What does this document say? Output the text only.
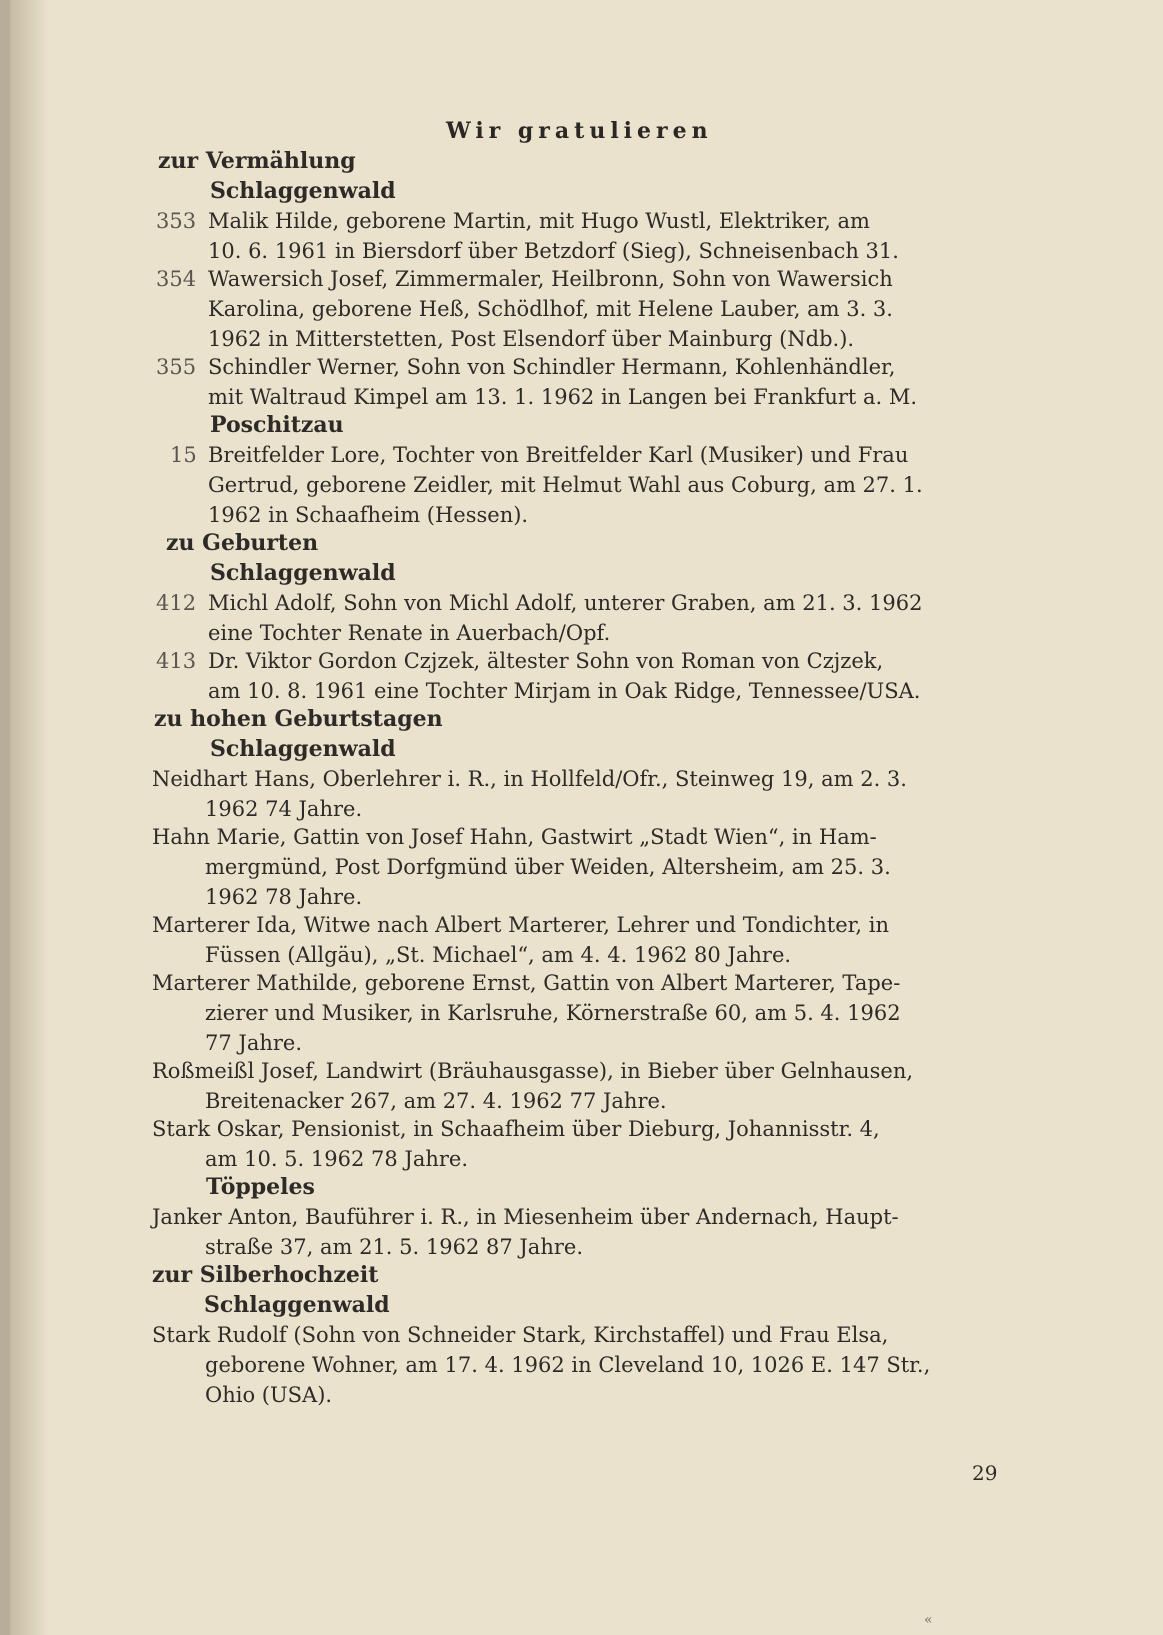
Wir gratulieren
zur Vermählung
Schlaggenwald
353 Malik Hilde, geborene Martin, mit Hugo Wustl, Elektriker, am
10. 6. 1961 in Biersdorf über Betzdorf (Sieg), Schneisenbach 31.
354 Wawersich Josef, Zimmermaler, Heilbronn, Sohn von Wawersich
Karolina, geborene Heß, Schödlhof, mit Helene Lauber, am 3. 3.
1962 in Mitterstetten, Post Elsendorf über Mainburg (Ndb.).
355 Schindler Werner, Sohn von Schindler Hermann, Kohlenhändler,
mit Waltraud Kimpel am 13. 1. 1962 in Langen bei Frankfurt a. M.
Poschitzau
15 Breitfelder Lore, Tochter von Breitfelder Karl (Musiker) und Frau
Gertrud, geborene Zeidler, mit Helmut Wahl aus Coburg, am 27. 1.
1962 in Schaafheim (Hessen).
zu Geburten
Schlaggenwald
412 Michl Adolf, Sohn von Michl Adolf, unterer Graben, am 21. 3. 1962
eine Tochter Renate in Auerbach/Opf.
413 Dr. Viktor Gordon Czjzek, ältester Sohn von Roman von Czjzek,
am 10. 8. 1961 eine Tochter Mirjam in Oak Ridge, Tennessee/USA.
zu hohen Geburtstagen
Schlaggenwald
Neidhart Hans, Oberlehrer i. R., in Hollfeld/Ofr., Steinweg 19, am 2. 3.
1962 74 Jahre.
Hahn Marie, Gattin von Josef Hahn, Gastwirt „Stadt Wien“, in Ham-
mergmünd, Post Dorfgmünd über Weiden, Altersheim, am 25. 3.
1962 78 Jahre.
Marterer Ida, Witwe nach Albert Marterer, Lehrer und Tondichter, in
Füssen (Allgäu), „St. Michael“, am 4. 4. 1962 80 Jahre.
Marterer Mathilde, geborene Ernst, Gattin von Albert Marterer, Tape-
zierer und Musiker, in Karlsruhe, Körnerstraße 60, am 5. 4. 1962
77 Jahre.
Roßmeißl Josef, Landwirt (Bräuhausgasse), in Bieber über Gelnhausen,
Breitenacker 267, am 27. 4. 1962 77 Jahre.
Stark Oskar, Pensionist, in Schaafheim über Dieburg, Johannisstr. 4,
am 10. 5. 1962 78 Jahre.
Töppeles
Janker Anton, Bauführer i. R., in Miesenheim über Andernach, Haupt-
straße 37, am 21. 5. 1962 87 Jahre.
zur Silberhochzeit
Schlaggenwald
Stark Rudolf (Sohn von Schneider Stark, Kirchstaffel) und Frau Elsa,
geborene Wohner, am 17. 4. 1962 in Cleveland 10, 1026 E. 147 Str.,
Ohio (USA).
29
«
